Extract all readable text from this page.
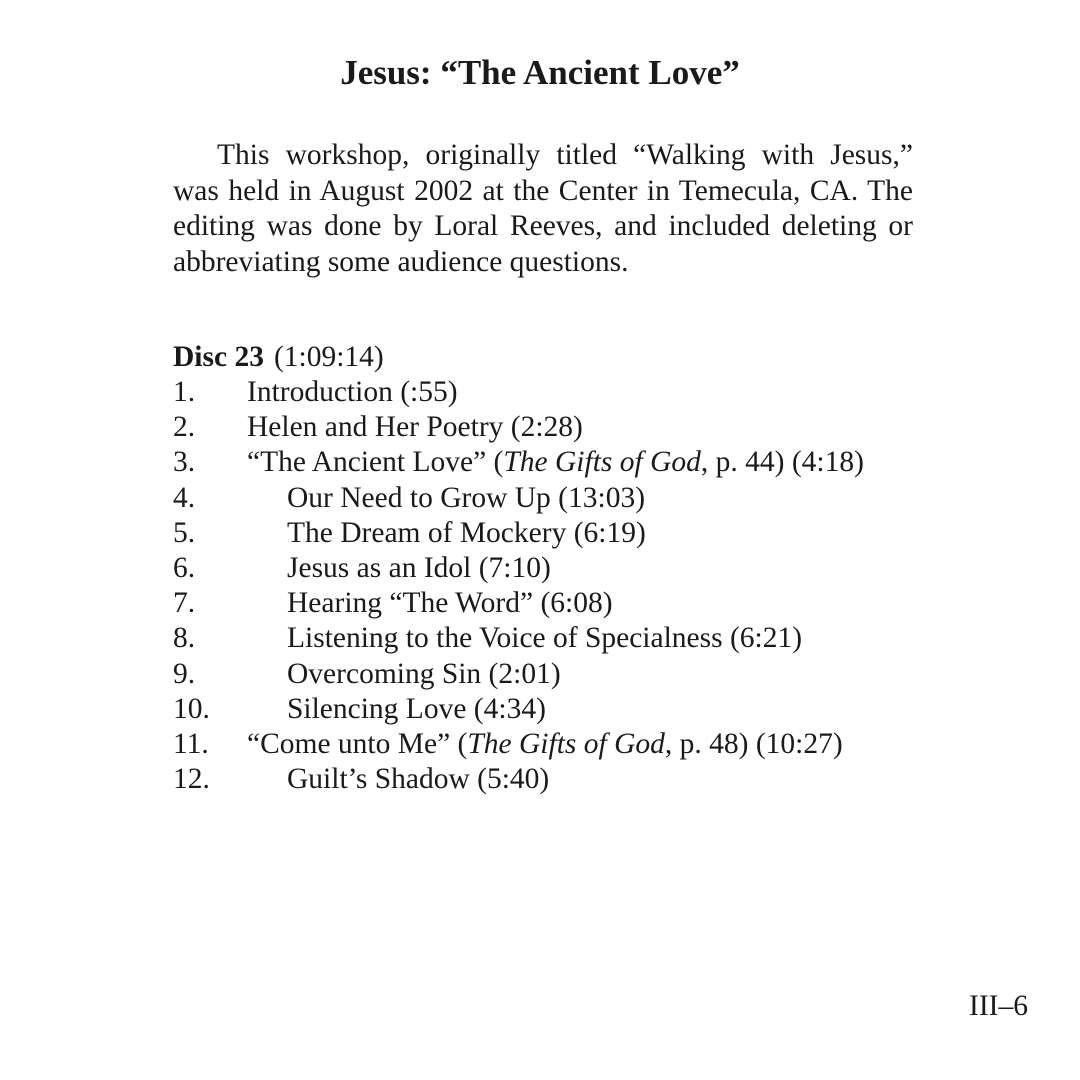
Jesus: “The Ancient Love”

This workshop, originally titled “Walking with Jesus,” was held in August 2002 at the Center in Temecula, CA. The editing was done by Loral Reeves, and included deleting or abbreviating some audience questions.

Disc 23 (1:09:14)

1. Introduction (:55)
2. Helen and Her Poetry (2:28)
3. “The Ancient Love” (The Gifts of God, p. 44) (4:18)
4.	Our Need to Grow Up (13:03)
5.	The Dream of Mockery (6:19)
6.	Jesus as an Idol (7:10)
7.	Hearing “The Word” (6:08)
8.	Listening to the Voice of Specialness (6:21)
9.	Overcoming Sin (2:01)
10.	Silencing Love (4:34)
11. “Come unto Me” (The Gifts of God, p. 48) (10:27)
12.	Guilt’s Shadow (5:40)

III–6
